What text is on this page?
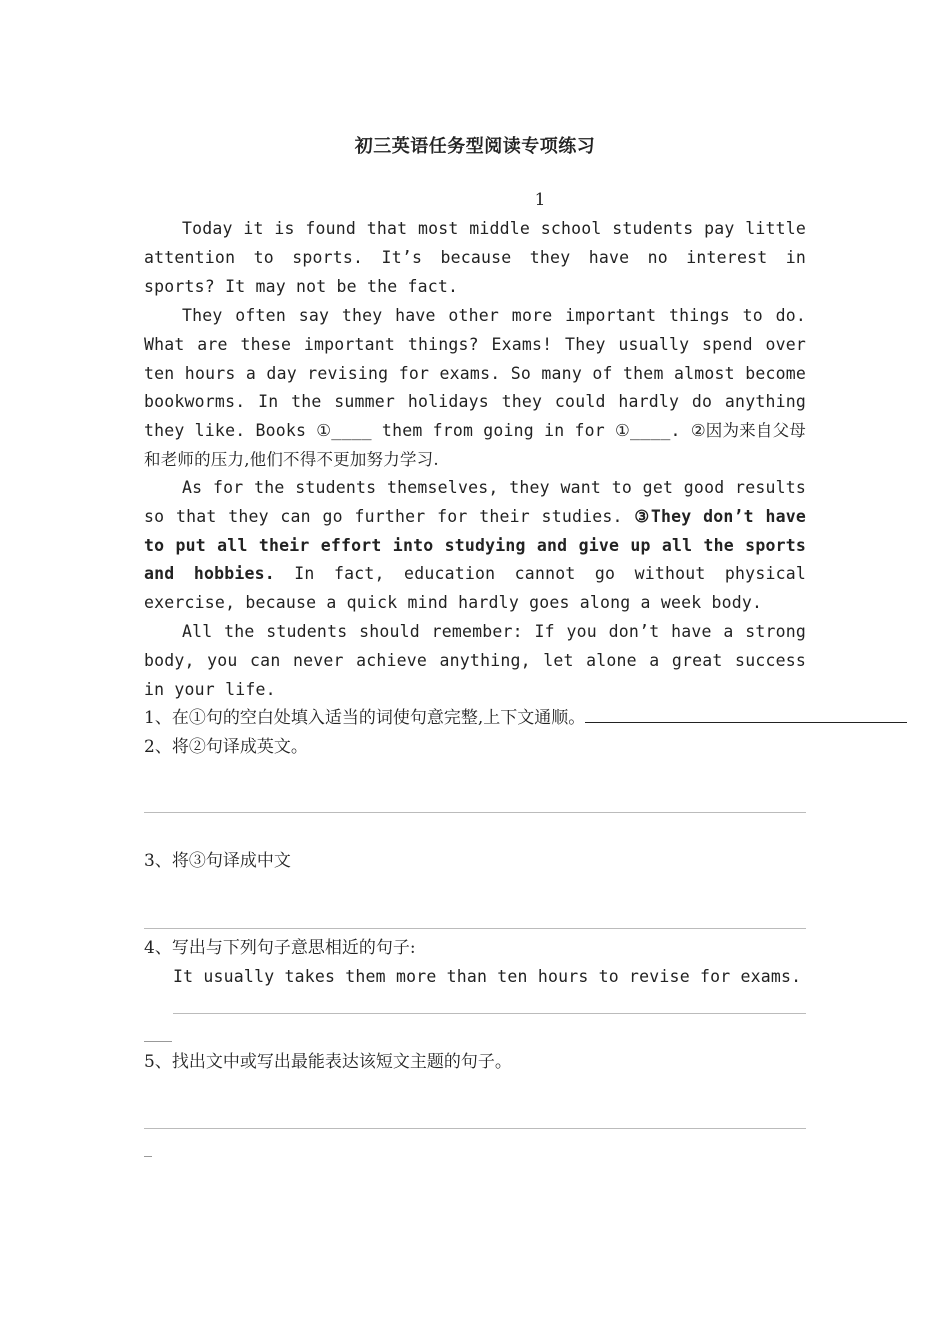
初三英语任务型阅读专项练习
1
Today it is found that most middle school students pay little attention to sports. It’s because they have no interest in sports? It may not be the fact.
They often say they have other more important things to do. What are these important things? Exams! They usually spend over ten hours a day revising for exams. So many of them almost become bookworms. In the summer holidays they could hardly do anything they like. Books ①____ them from going in for ①____. ②因为来自父母和老师的压力,他们不得不更加努力学习.
As for the students themselves, they want to get good results so that they can go further for their studies. ③They don’t have to put all their effort into studying and give up all the sports and hobbies. In fact, education cannot go without physical exercise, because a quick mind hardly goes along a week body.
All the students should remember: If you don’t have a strong body, you can never achieve anything, let alone a great success in your life.
1、在①句的空白处填入适当的词使句意完整,上下文通顺。
2、将②句译成英文。
3、将③句译成中文
4、写出与下列句子意思相近的句子:
It usually takes them more than ten hours to revise for exams.
5、找出文中或写出最能表达该短文主题的句子。
